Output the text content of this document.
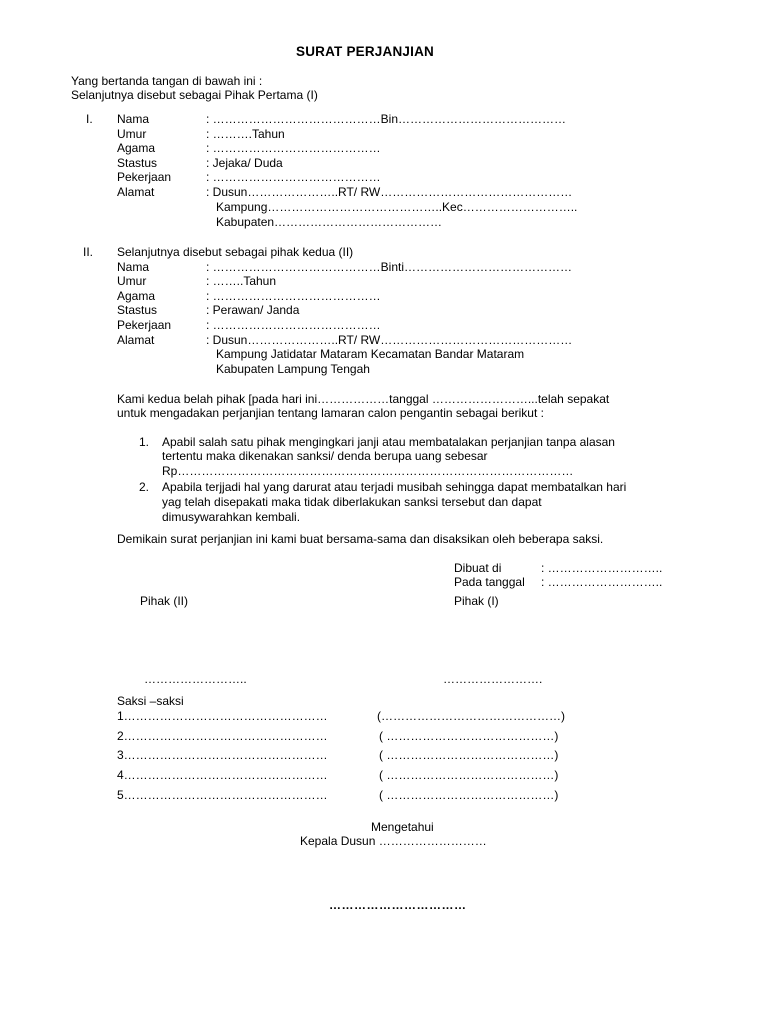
SURAT PERJANJIAN
Yang bertanda tangan di bawah ini :
Selanjutnya disebut sebagai Pihak Pertama (I)
I. Nama	: ……………………………………Bin……………………………………
Umur	: ……….Tahun
Agama	: ……………………………………
Stastus	: Jejaka/ Duda
Pekerjaan	: ……………………………………
Alamat	: Dusun…………………..RT/ RW…………………………………………
Kampung……………………………………..Kec………………………..
Kabupaten……………………………………
II. Selanjutnya disebut sebagai pihak kedua (II)
Nama	: ……………………………………Binti……………………………………
Umur	: ……..Tahun
Agama	: ……………………………………
Stastus	: Perawan/ Janda
Pekerjaan	: ……………………………………
Alamat	: Dusun…………………..RT/ RW…………………………………………
Kampung Jatidatar Mataram Kecamatan Bandar Mataram
Kabupaten Lampung Tengah
Kami kedua belah pihak [pada hari ini………………tanggal ……………………...telah sepakat
untuk mengadakan perjanjian tentang lamaran calon pengantin sebagai berikut :
1. Apabil salah satu pihak mengingkari janji atau membatalakan perjanjian tanpa alasan
tertentu maka dikenakan sanksi/ denda berupa uang sebesar
Rp………………………………………………………………………………………
2. Apabila terjjadi hal yang darurat atau terjadi musibah sehingga dapat membatalkan hari
yag telah disepakati maka tidak diberlakukan sanksi tersebut dan dapat
dimusywarahkan kembali.
Demikain surat perjanjian ini kami buat bersama-sama dan disaksikan oleh beberapa saksi.
Dibuat di	: ………………………..
Pada tanggal : ………………………..
Pihak (II)	Pihak (I)
……………………..	…………………….
Saksi –saksi
1……………………………………………	(………………………………………)
2……………………………………………	( ……………………………………)
3……………………………………………	( ……………………………………)
4……………………………………………	( ……………………………………)
5……………………………………………	( ……………………………………)
Mengetahui
Kepala Dusun ………………………
……………………………
